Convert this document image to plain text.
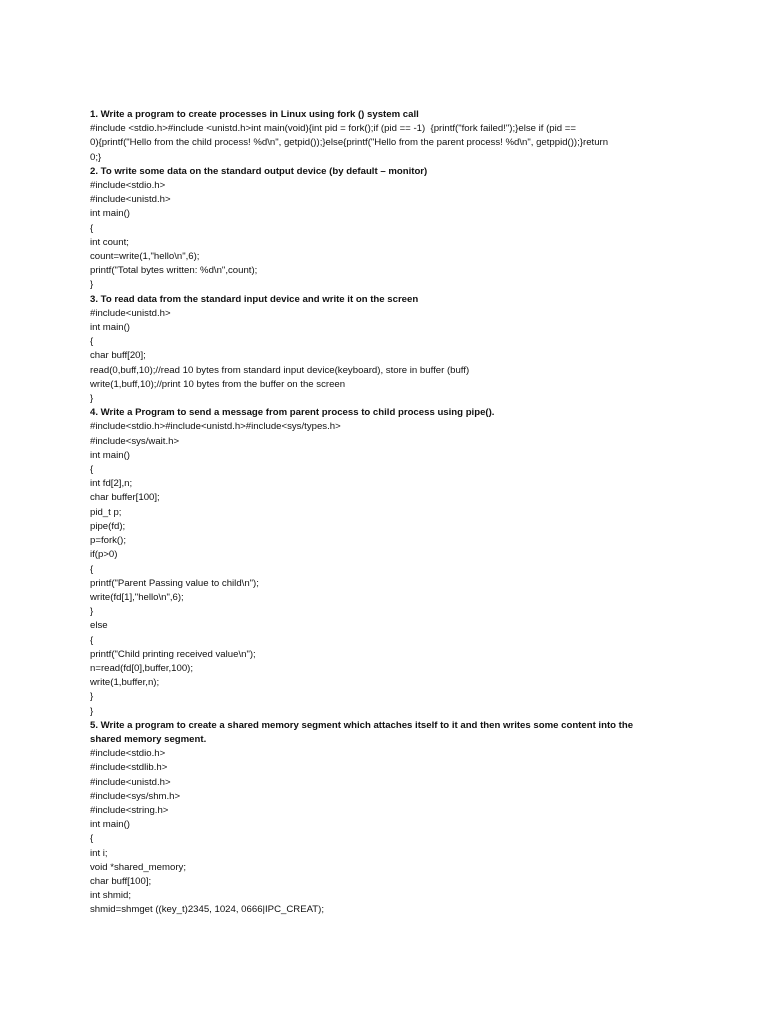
1. Write a program to create processes in Linux using fork () system call
#include <stdio.h>#include <unistd.h>int main(void){int pid = fork();if (pid == -1)  {printf("fork failed!");}else if (pid ==
0){printf("Hello from the child process! %d\n", getpid());}else{printf("Hello from the parent process! %d\n", getppid());}return
0;}
2. To write some data on the standard output device (by default – monitor)
#include<stdio.h>
#include<unistd.h>
int main()
{
int count;
count=write(1,"hello\n",6);
printf("Total bytes written: %d\n",count);
}
3. To read data from the standard input device and write it on the screen
#include<unistd.h>
int main()
{
char buff[20];
read(0,buff,10);//read 10 bytes from standard input device(keyboard), store in buffer (buff)
write(1,buff,10);//print 10 bytes from the buffer on the screen
}
4. Write a Program to send a message from parent process to child process using pipe().
#include<stdio.h>#include<unistd.h>#include<sys/types.h>
#include<sys/wait.h>
int main()
{
int fd[2],n;
char buffer[100];
pid_t p;
pipe(fd);
p=fork();
if(p>0)
{
printf("Parent Passing value to child\n");
write(fd[1],"hello\n",6);
}
else
{
printf("Child printing received value\n");
n=read(fd[0],buffer,100);
write(1,buffer,n);
}
}
5. Write a program to create a shared memory segment which attaches itself to it and then writes some content into the
shared memory segment.
#include<stdio.h>
#include<stdlib.h>
#include<unistd.h>
#include<sys/shm.h>
#include<string.h>
int main()
{
int i;
void *shared_memory;
char buff[100];
int shmid;
shmid=shmget ((key_t)2345, 1024, 0666|IPC_CREAT);
